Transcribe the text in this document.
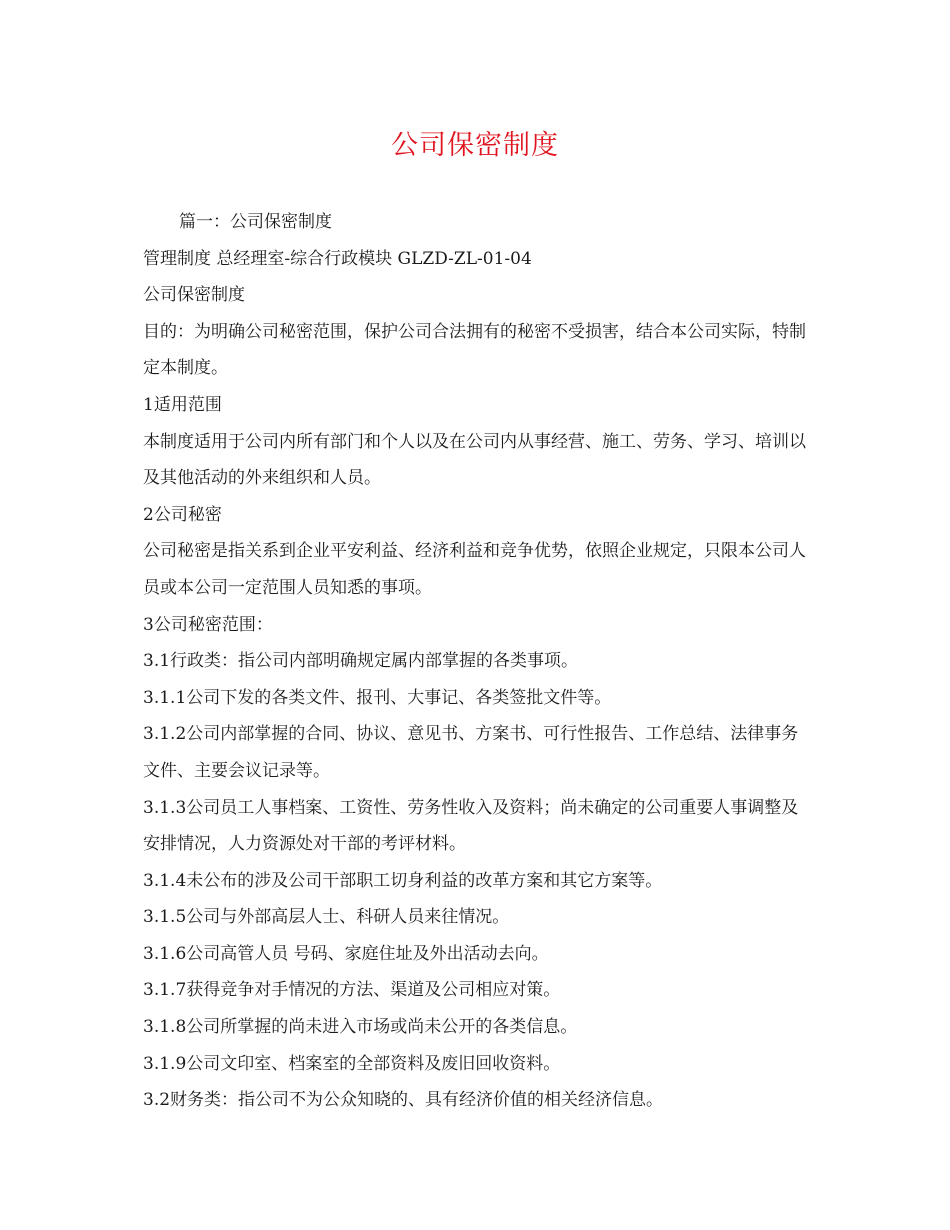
公司保密制度

篇一：公司保密制度

管理制度 总经理室-综合行政模块 GLZD-ZL-01-04

公司保密制度

目的：为明确公司秘密范围，保护公司合法拥有的秘密不受损害，结合本公司实际，特制定本制度。

1适用范围

本制度适用于公司内所有部门和个人以及在公司内从事经营、施工、劳务、学习、培训以及其他活动的外来组织和人员。

2公司秘密

公司秘密是指关系到企业平安利益、经济利益和竞争优势，依照企业规定，只限本公司人员或本公司一定范围人员知悉的事项。

3公司秘密范围：

3.1行政类：指公司内部明确规定属内部掌握的各类事项。

3.1.1公司下发的各类文件、报刊、大事记、各类签批文件等。

3.1.2公司内部掌握的合同、协议、意见书、方案书、可行性报告、工作总结、法律事务文件、主要会议记录等。

3.1.3公司员工人事档案、工资性、劳务性收入及资料；尚未确定的公司重要人事调整及安排情况，人力资源处对干部的考评材料。

3.1.4未公布的涉及公司干部职工切身利益的改革方案和其它方案等。

3.1.5公司与外部高层人士、科研人员来往情况。

3.1.6公司高管人员 号码、家庭住址及外出活动去向。

3.1.7获得竞争对手情况的方法、渠道及公司相应对策。

3.1.8公司所掌握的尚未进入市场或尚未公开的各类信息。

3.1.9公司文印室、档案室的全部资料及废旧回收资料。

3.2财务类：指公司不为公众知晓的、具有经济价值的相关经济信息。
